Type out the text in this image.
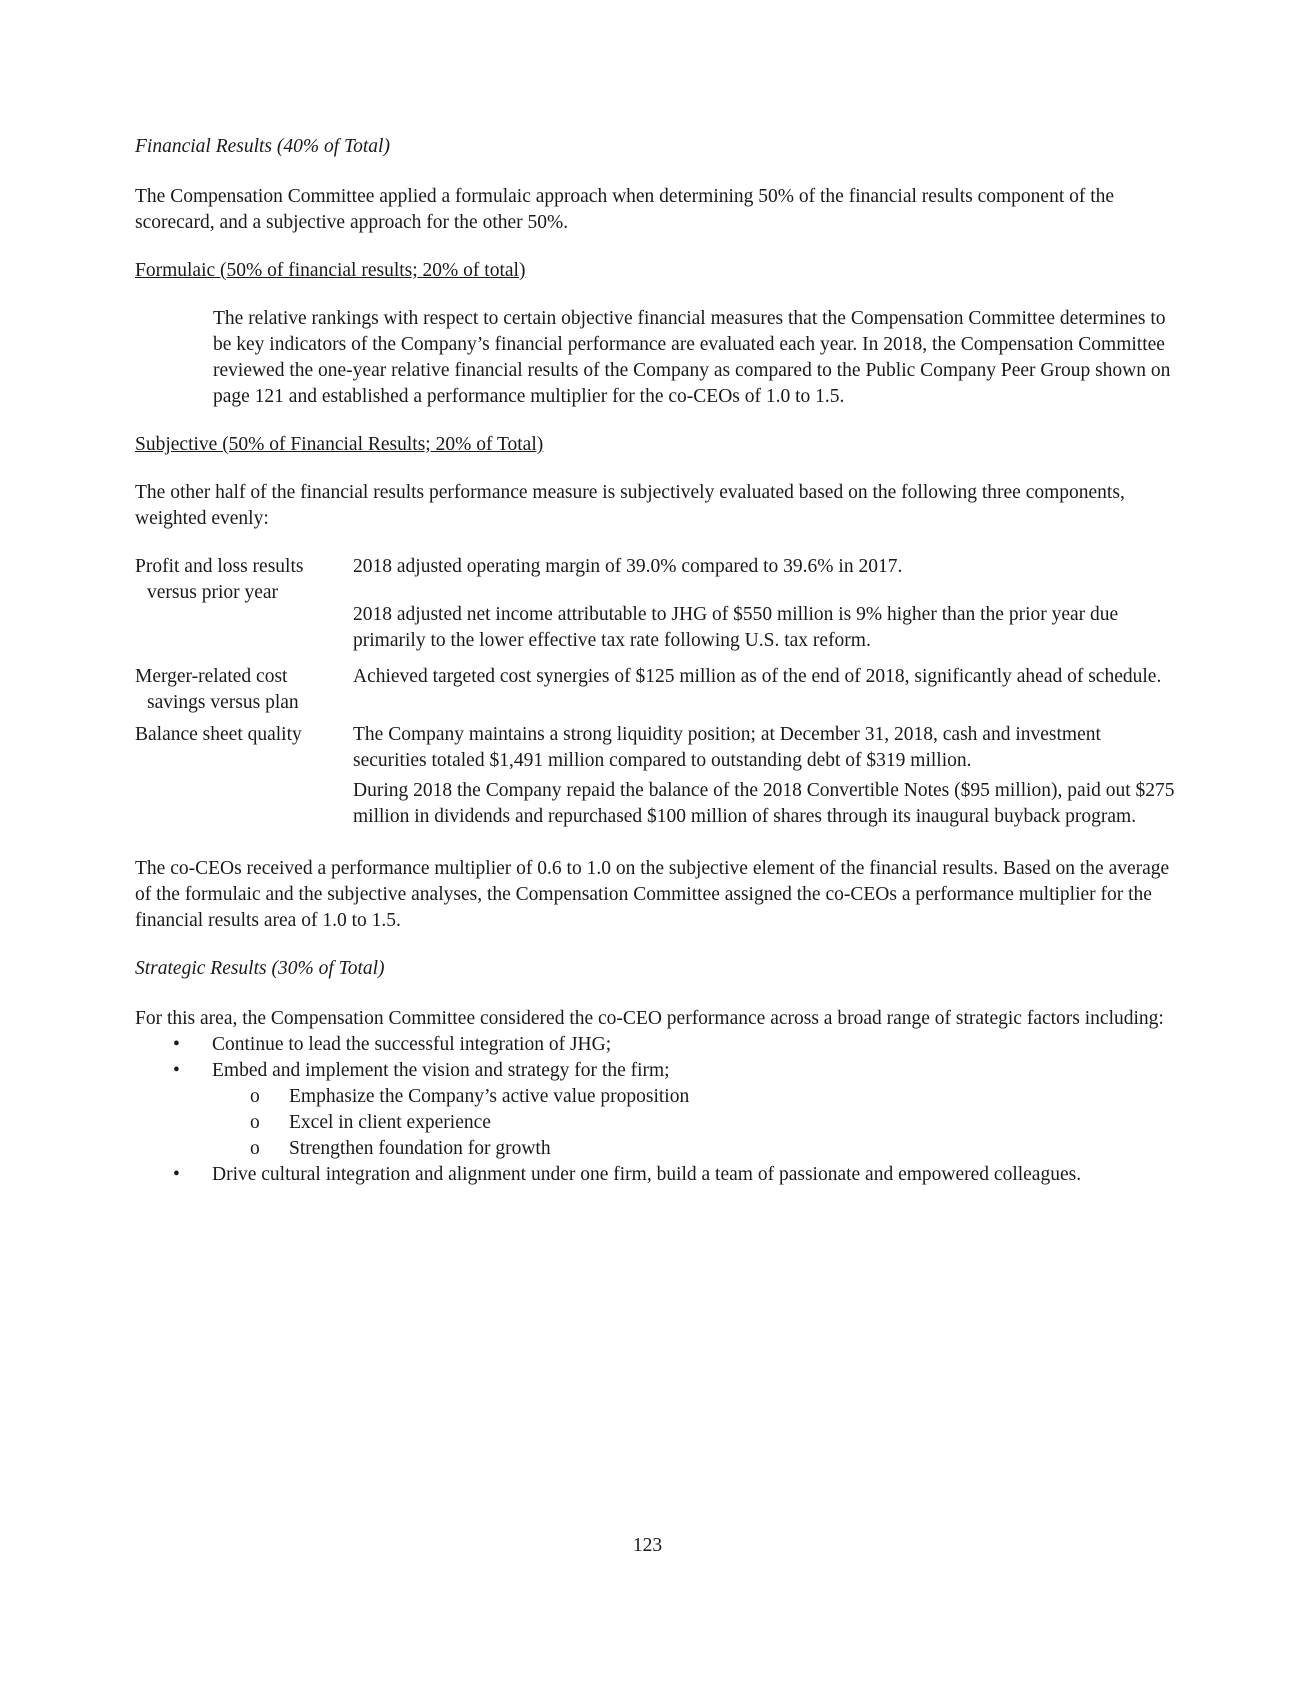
Financial Results (40% of Total)

The Compensation Committee applied a formulaic approach when determining 50% of the financial results component of the scorecard, and a subjective approach for the other 50%.

Formulaic (50% of financial results; 20% of total)

The relative rankings with respect to certain objective financial measures that the Compensation Committee determines to be key indicators of the Company’s financial performance are evaluated each year. In 2018, the Compensation Committee reviewed the one-year relative financial results of the Company as compared to the Public Company Peer Group shown on page 121 and established a performance multiplier for the co-CEOs of 1.0 to 1.5.

Subjective (50% of Financial Results; 20% of Total)

The other half of the financial results performance measure is subjectively evaluated based on the following three components, weighted evenly:

Profit and loss results
versus prior year

2018 adjusted operating margin of 39.0% compared to 39.6% in 2017.

2018 adjusted net income attributable to JHG of $550 million is 9% higher than the prior year due primarily to the lower effective tax rate following U.S. tax reform.

Merger-related cost
savings versus plan

Achieved targeted cost synergies of $125 million as of the end of 2018, significantly ahead of schedule.

Balance sheet quality	The Company maintains a strong liquidity position; at December 31, 2018, cash and investment securities totaled $1,491 million compared to outstanding debt of $319 million.

During 2018 the Company repaid the balance of the 2018 Convertible Notes ($95 million), paid out $275 million in dividends and repurchased $100 million of shares through its inaugural buyback program.

The co-CEOs received a performance multiplier of 0.6 to 1.0 on the subjective element of the financial results. Based on the average of the formulaic and the subjective analyses, the Compensation Committee assigned the co-CEOs a performance multiplier for the financial results area of 1.0 to 1.5.

Strategic Results (30% of Total)

For this area, the Compensation Committee considered the co-CEO performance across a broad range of strategic factors including:

• Continue to lead the successful integration of JHG;
• Embed and implement the vision and strategy for the firm;
o Emphasize the Company’s active value proposition
o Excel in client experience
o Strengthen foundation for growth
• Drive cultural integration and alignment under one firm, build a team of passionate and empowered colleagues.
123
